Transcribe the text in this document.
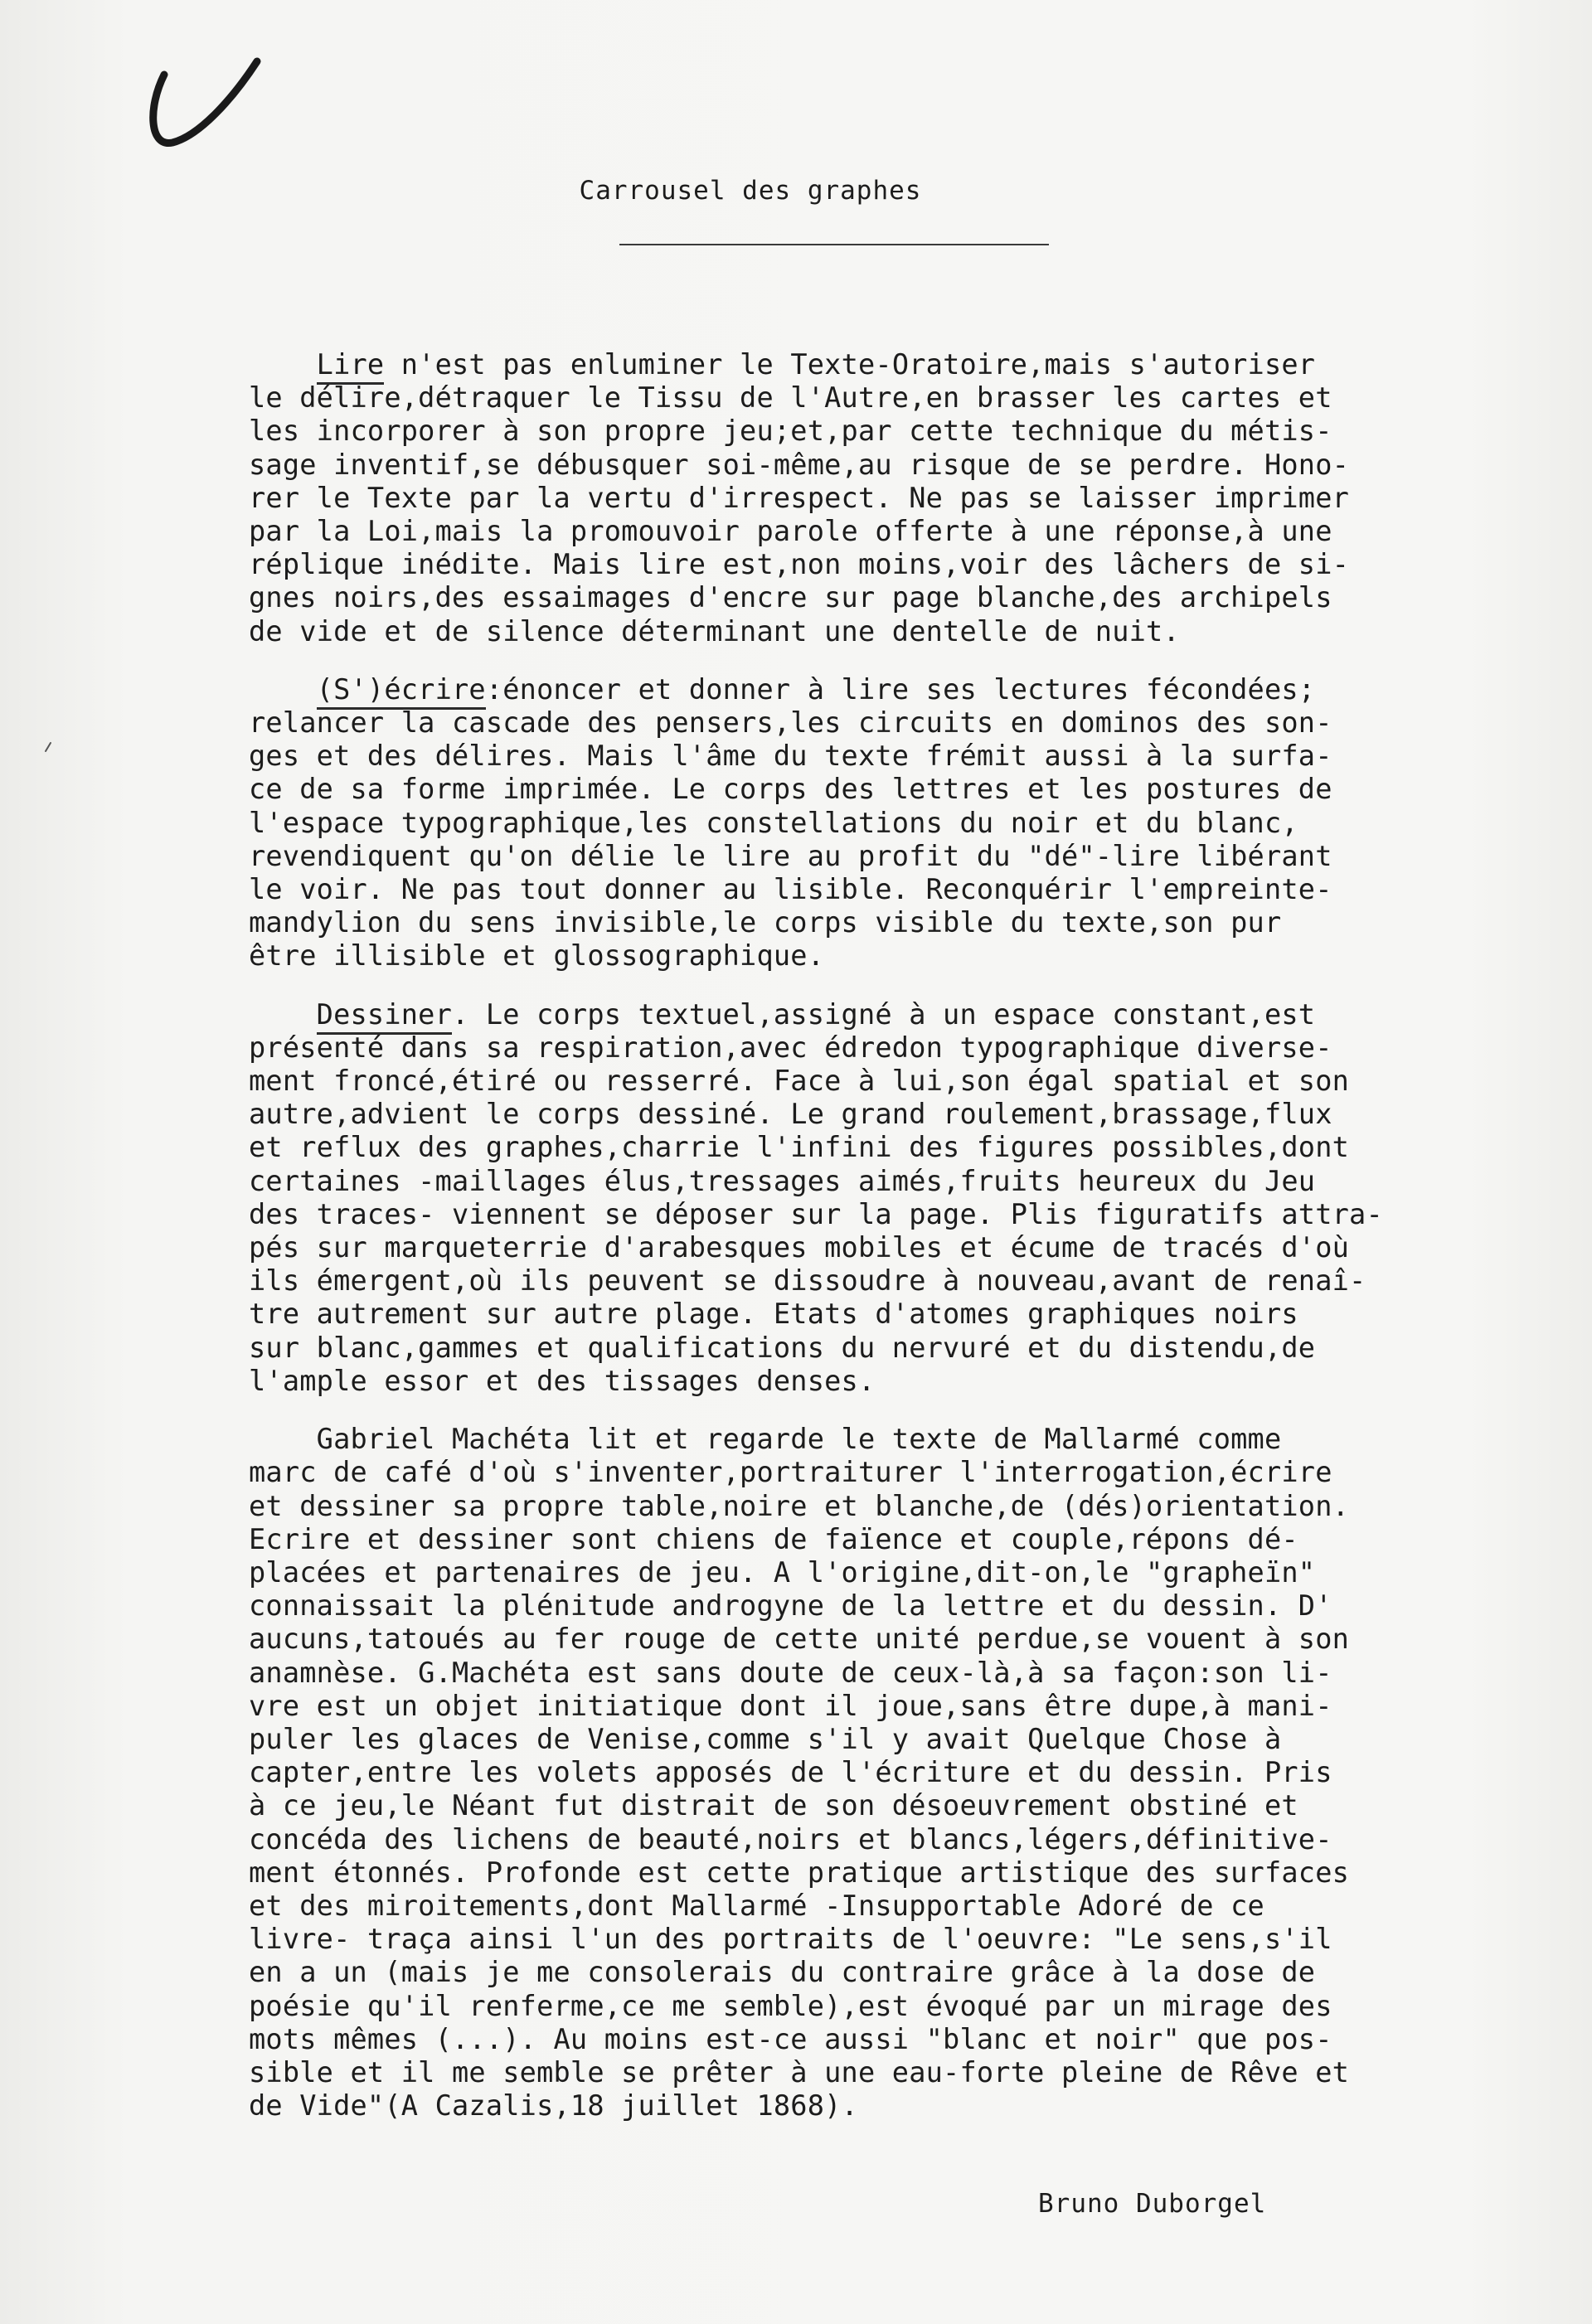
Carrousel des graphes

Lire n'est pas enluminer le Texte-Oratoire,mais s'autoriser
le délire,détraquer le Tissu de l'Autre,en brasser les cartes et
les incorporer à son propre jeu;et,par cette technique du métis-
sage inventif,se débusquer soi-même,au risque de se perdre. Hono-
rer le Texte par la vertu d'irrespect. Ne pas se laisser imprimer
par la Loi,mais la promouvoir parole offerte à une réponse,à une
réplique inédite. Mais lire est,non moins,voir des lâchers de si-
gnes noirs,des essaimages d'encre sur page blanche,des archipels
de vide et de silence déterminant une dentelle de nuit.

(S')écrire:énoncer et donner à lire ses lectures fécondées;
relancer la cascade des pensers,les circuits en dominos des son-
ges et des délires. Mais l'âme du texte frémit aussi à la surfa-
ce de sa forme imprimée. Le corps des lettres et les postures de
l'espace typographique,les constellations du noir et du blanc,
revendiquent qu'on délie le lire au profit du "dé"-lire libérant
le voir. Ne pas tout donner au lisible. Reconquérir l'empreinte-
mandylion du sens invisible,le corps visible du texte,son pur
être illisible et glossographique.

Dessiner. Le corps textuel,assigné à un espace constant,est
présenté dans sa respiration,avec édredon typographique diverse-
ment froncé,étiré ou resserré. Face à lui,son égal spatial et son
autre,advient le corps dessiné. Le grand roulement,brassage,flux
et reflux des graphes,charrie l'infini des figures possibles,dont
certaines -maillages élus,tressages aimés,fruits heureux du Jeu
des traces- viennent se déposer sur la page. Plis figuratifs attra-
pés sur marqueterrie d'arabesques mobiles et écume de tracés d'où
ils émergent,où ils peuvent se dissoudre à nouveau,avant de renaî-
tre autrement sur autre plage. Etats d'atomes graphiques noirs
sur blanc,gammes et qualifications du nervuré et du distendu,de
l'ample essor et des tissages denses.

Gabriel Machéta lit et regarde le texte de Mallarmé comme
marc de café d'où s'inventer,portraiturer l'interrogation,écrire
et dessiner sa propre table,noire et blanche,de (dés)orientation.
Ecrire et dessiner sont chiens de faïence et couple,répons dé-
placées et partenaires de jeu. A l'origine,dit-on,le "grapheïn"
connaissait la plénitude androgyne de la lettre et du dessin. D'
aucuns,tatoués au fer rouge de cette unité perdue,se vouent à son
anamnèse. G.Machéta est sans doute de ceux-là,à sa façon:son li-
vre est un objet initiatique dont il joue,sans être dupe,à mani-
puler les glaces de Venise,comme s'il y avait Quelque Chose à
capter,entre les volets apposés de l'écriture et du dessin. Pris
à ce jeu,le Néant fut distrait de son désoeuvrement obstiné et
concéda des lichens de beauté,noirs et blancs,légers,définitive-
ment étonnés. Profonde est cette pratique artistique des surfaces
et des miroitements,dont Mallarmé -Insupportable Adoré de ce
livre- traça ainsi l'un des portraits de l'oeuvre: "Le sens,s'il
en a un (mais je me consolerais du contraire grâce à la dose de
poésie qu'il renferme,ce me semble),est évoqué par un mirage des
mots mêmes (...). Au moins est-ce aussi "blanc et noir" que pos-
sible et il me semble se prêter à une eau-forte pleine de Rêve et
de Vide"(A Cazalis,18 juillet 1868).

Bruno Duborgel
